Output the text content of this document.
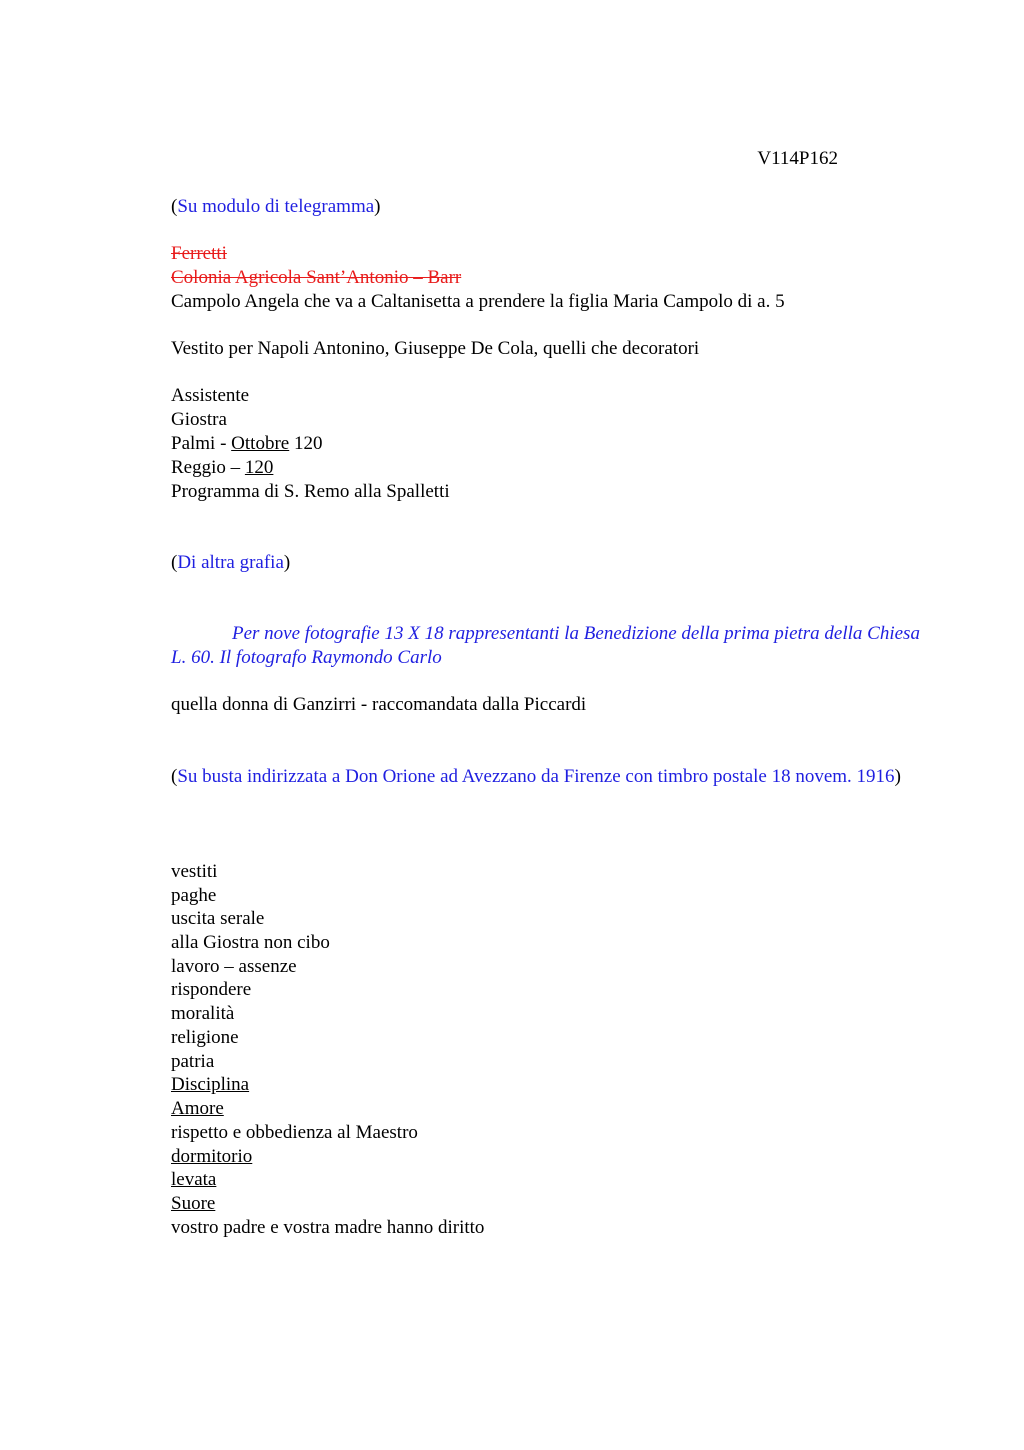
V114P162
(Su modulo di telegramma)
Ferretti
Colonia Agricola Sant’Antonio – Barr
Campolo Angela che va a Caltanisetta a prendere la figlia Maria Campolo di a. 5
Vestito per Napoli Antonino, Giuseppe De Cola, quelli che decoratori
Assistente
Giostra
Palmi - Ottobre 120
Reggio – 120
Programma di S. Remo alla Spalletti
(Di altra grafia)
Per nove fotografie 13 X 18 rappresentanti la Benedizione della prima pietra della Chiesa L. 60. Il fotografo Raymondo Carlo
quella donna di Ganzirri - raccomandata dalla Piccardi
(Su busta indirizzata a Don Orione ad Avezzano da Firenze con timbro postale 18 novem. 1916)
vestiti
paghe
uscita serale
alla Giostra non cibo
lavoro – assenze
rispondere
moralità
religione
patria
Disciplina
Amore
rispetto e obbedienza al Maestro
dormitorio
levata
Suore
vostro padre e vostra madre hanno diritto
